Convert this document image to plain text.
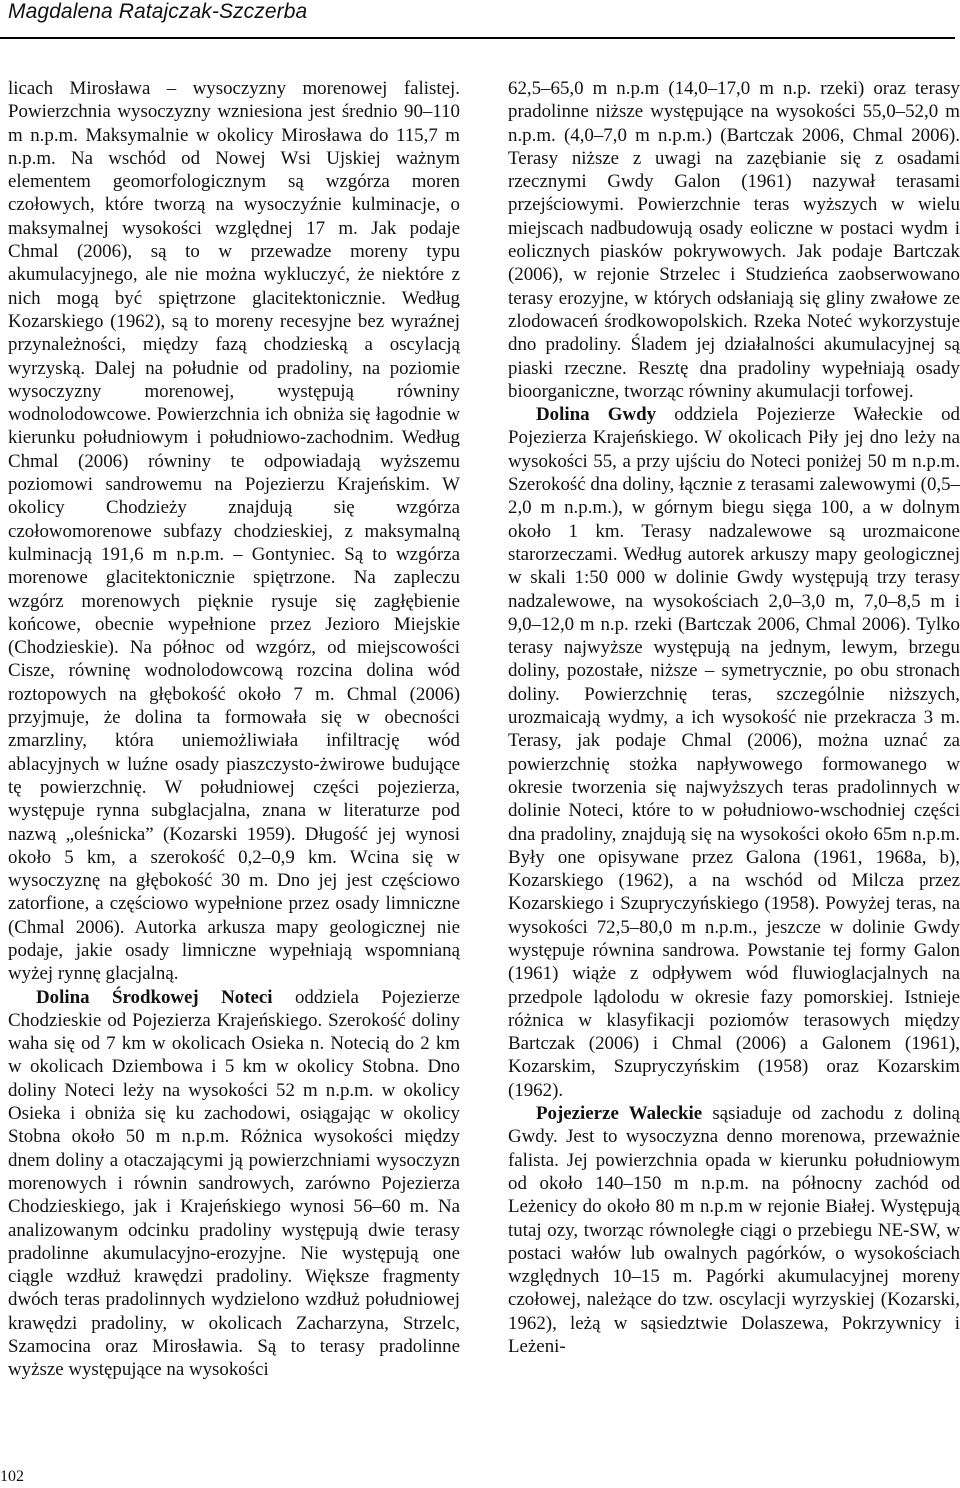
Magdalena Ratajczak-Szczerba

licach Mirosława – wysoczyzny morenowej falistej. Powierzchnia wysoczyzny wzniesiona jest średnio 90–110 m n.p.m. Maksymalnie w okolicy Mirosława do 115,7 m n.p.m. Na wschód od Nowej Wsi Ujskiej ważnym elementem geomorfologicznym są wzgórza moren czołowych, które tworzą na wysoczyźnie kulminacje, o maksymalnej wysokości względnej 17 m. Jak podaje Chmal (2006), są to w przewadze moreny typu akumulacyjnego, ale nie można wykluczyć, że niektóre z nich mogą być spiętrzone glacitektonicznie. Według Kozarskiego (1962), są to moreny recesyjne bez wyraźnej przynależności, między fazą chodzieską a oscylacją wyrzyską. Dalej na południe od pradoliny, na poziomie wysoczyzny morenowej, występują równiny wodnolodowcowe. Powierzchnia ich obniża się łagodnie w kierunku południowym i południowo-zachodnim. Według Chmal (2006) równiny te odpowiadają wyższemu poziomowi sandrowemu na Pojezierzu Krajeńskim. W okolicy Chodzieży znajdują się wzgórza czołowomorenowe subfazy chodzieskiej, z maksymalną kulminacją 191,6 m n.p.m. – Gontyniec. Są to wzgórza morenowe glacitektonicznie spiętrzone. Na zapleczu wzgórz morenowych pięknie rysuje się zagłębienie końcowe, obecnie wypełnione przez Jezioro Miejskie (Chodzieskie). Na północ od wzgórz, od miejscowości Cisze, równinę wodnolodowcową rozcina dolina wód roztopowych na głębokość około 7 m. Chmal (2006) przyjmuje, że dolina ta formowała się w obecności zmarzliny, która uniemożliwiała infiltrację wód ablacyjnych w luźne osady piaszczysto-żwirowe budujące tę powierzchnię. W południowej części pojezierza, występuje rynna subglacjalna, znana w literaturze pod nazwą „oleśnicka” (Kozarski 1959). Długość jej wynosi około 5 km, a szerokość 0,2–0,9 km. Wcina się w wysoczyznę na głębokość 30 m. Dno jej jest częściowo zatorfione, a częściowo wypełnione przez osady limniczne (Chmal 2006). Autorka arkusza mapy geologicznej nie podaje, jakie osady limniczne wypełniają wspomnianą wyżej rynnę glacjalną.

Dolina Środkowej Noteci oddziela Pojezierze Chodzieskie od Pojezierza Krajeńskiego. Szerokość doliny waha się od 7 km w okolicach Osieka n. Notecią do 2 km w okolicach Dziembowa i 5 km w okolicy Stobna. Dno doliny Noteci leży na wysokości 52 m n.p.m. w okolicy Osieka i obniża się ku zachodowi, osiągając w okolicy Stobna około 50 m n.p.m. Różnica wysokości między dnem doliny a otaczającymi ją powierzchniami wysoczyzn morenowych i równin sandrowych, zarówno Pojezierza Chodzieskiego, jak i Krajeńskiego wynosi 56–60 m. Na analizowanym odcinku pradoliny występują dwie terasy pradolinne akumulacyjno-erozyjne. Nie występują one ciągle wzdłuż krawędzi pradoliny. Większe fragmenty dwóch teras pradolinnych wydzielono wzdłuż południowej krawędzi pradoliny, w okolicach Zacharzyna, Strzelc, Szamocina oraz Mirosławia. Są to terasy pradolinne wyższe występujące na wysokości

62,5–65,0 m n.p.m (14,0–17,0 m n.p. rzeki) oraz terasy pradolinne niższe występujące na wysokości 55,0–52,0 m n.p.m. (4,0–7,0 m n.p.m.) (Bartczak 2006, Chmal 2006). Terasy niższe z uwagi na zazębianie się z osadami rzecznymi Gwdy Galon (1961) nazywał terasami przejściowymi. Powierzchnie teras wyższych w wielu miejscach nadbudowują osady eoliczne w postaci wydm i eolicznych piasków pokrywowych. Jak podaje Bartczak (2006), w rejonie Strzelec i Studzieńca zaobserwowano terasy erozyjne, w których odsłaniają się gliny zwałowe ze zlodowaceń środkowopolskich. Rzeka Noteć wykorzystuje dno pradoliny. Śladem jej działalności akumulacyjnej są piaski rzeczne. Resztę dna pradoliny wypełniają osady bioorganiczne, tworząc równiny akumulacji torfowej.

Dolina Gwdy oddziela Pojezierze Wałeckie od Pojezierza Krajeńskiego. W okolicach Piły jej dno leży na wysokości 55, a przy ujściu do Noteci poniżej 50 m n.p.m. Szerokość dna doliny, łącznie z terasami zalewowymi (0,5–2,0 m n.p.m.), w górnym biegu sięga 100, a w dolnym około 1 km. Terasy nadzalewowe są urozmaicone starorzeczami. Według autorek arkuszy mapy geologicznej w skali 1:50 000 w dolinie Gwdy występują trzy terasy nadzalewowe, na wysokościach 2,0–3,0 m, 7,0–8,5 m i 9,0–12,0 m n.p. rzeki (Bartczak 2006, Chmal 2006). Tylko terasy najwyższe występują na jednym, lewym, brzegu doliny, pozostałe, niższe – symetrycznie, po obu stronach doliny. Powierzchnię teras, szczególnie niższych, urozmaicają wydmy, a ich wysokość nie przekracza 3 m. Terasy, jak podaje Chmal (2006), można uznać za powierzchnię stożka napływowego formowanego w okresie tworzenia się najwyższych teras pradolinnych w dolinie Noteci, które to w południowo-wschodniej części dna pradoliny, znajdują się na wysokości około 65m n.p.m. Były one opisywane przez Galona (1961, 1968a, b), Kozarskiego (1962), a na wschód od Milcza przez Kozarskiego i Szupryczyńskiego (1958). Powyżej teras, na wysokości 72,5–80,0 m n.p.m., jeszcze w dolinie Gwdy występuje równina sandrowa. Powstanie tej formy Galon (1961) wiąże z odpływem wód fluwioglacjalnych na przedpole lądolodu w okresie fazy pomorskiej. Istnieje różnica w klasyfikacji poziomów terasowych między Bartczak (2006) i Chmal (2006) a Galonem (1961), Kozarskim, Szupryczyńskim (1958) oraz Kozarskim (1962).

Pojezierze Waleckie sąsiaduje od zachodu z doliną Gwdy. Jest to wysoczyzna denno morenowa, przeważnie falista. Jej powierzchnia opada w kierunku południowym od około 140–150 m n.p.m. na północny zachód od Leżenicy do około 80 m n.p.m w rejonie Białej. Występują tutaj ozy, tworząc równoległe ciągi o przebiegu NE-SW, w postaci wałów lub owalnych pagórków, o wysokościach względnych 10–15 m. Pagórki akumulacyjnej moreny czołowej, należące do tzw. oscylacji wyrzyskiej (Kozarski, 1962), leżą w sąsiedztwie Dolaszewa, Pokrzywnicy i Leżeni-

102
